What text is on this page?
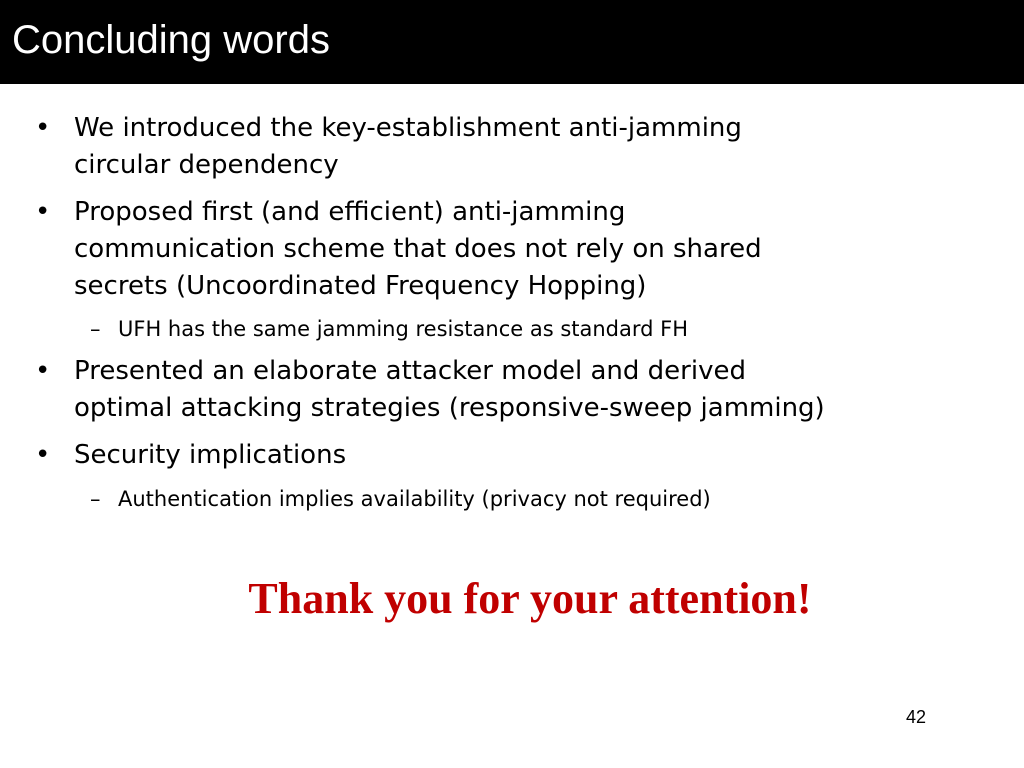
Concluding words
• We introduced the key-establishment anti-jamming
circular dependency
• Proposed first (and efficient) anti-jamming
communication scheme that does not rely on shared
secrets (Uncoordinated Frequency Hopping)
– UFH has the same jamming resistance as standard FH
• Presented an elaborate attacker model and derived
optimal attacking strategies (responsive-sweep jamming)
• Security implications
– Authentication implies availability (privacy not required)
Thank you for your attention!
42
